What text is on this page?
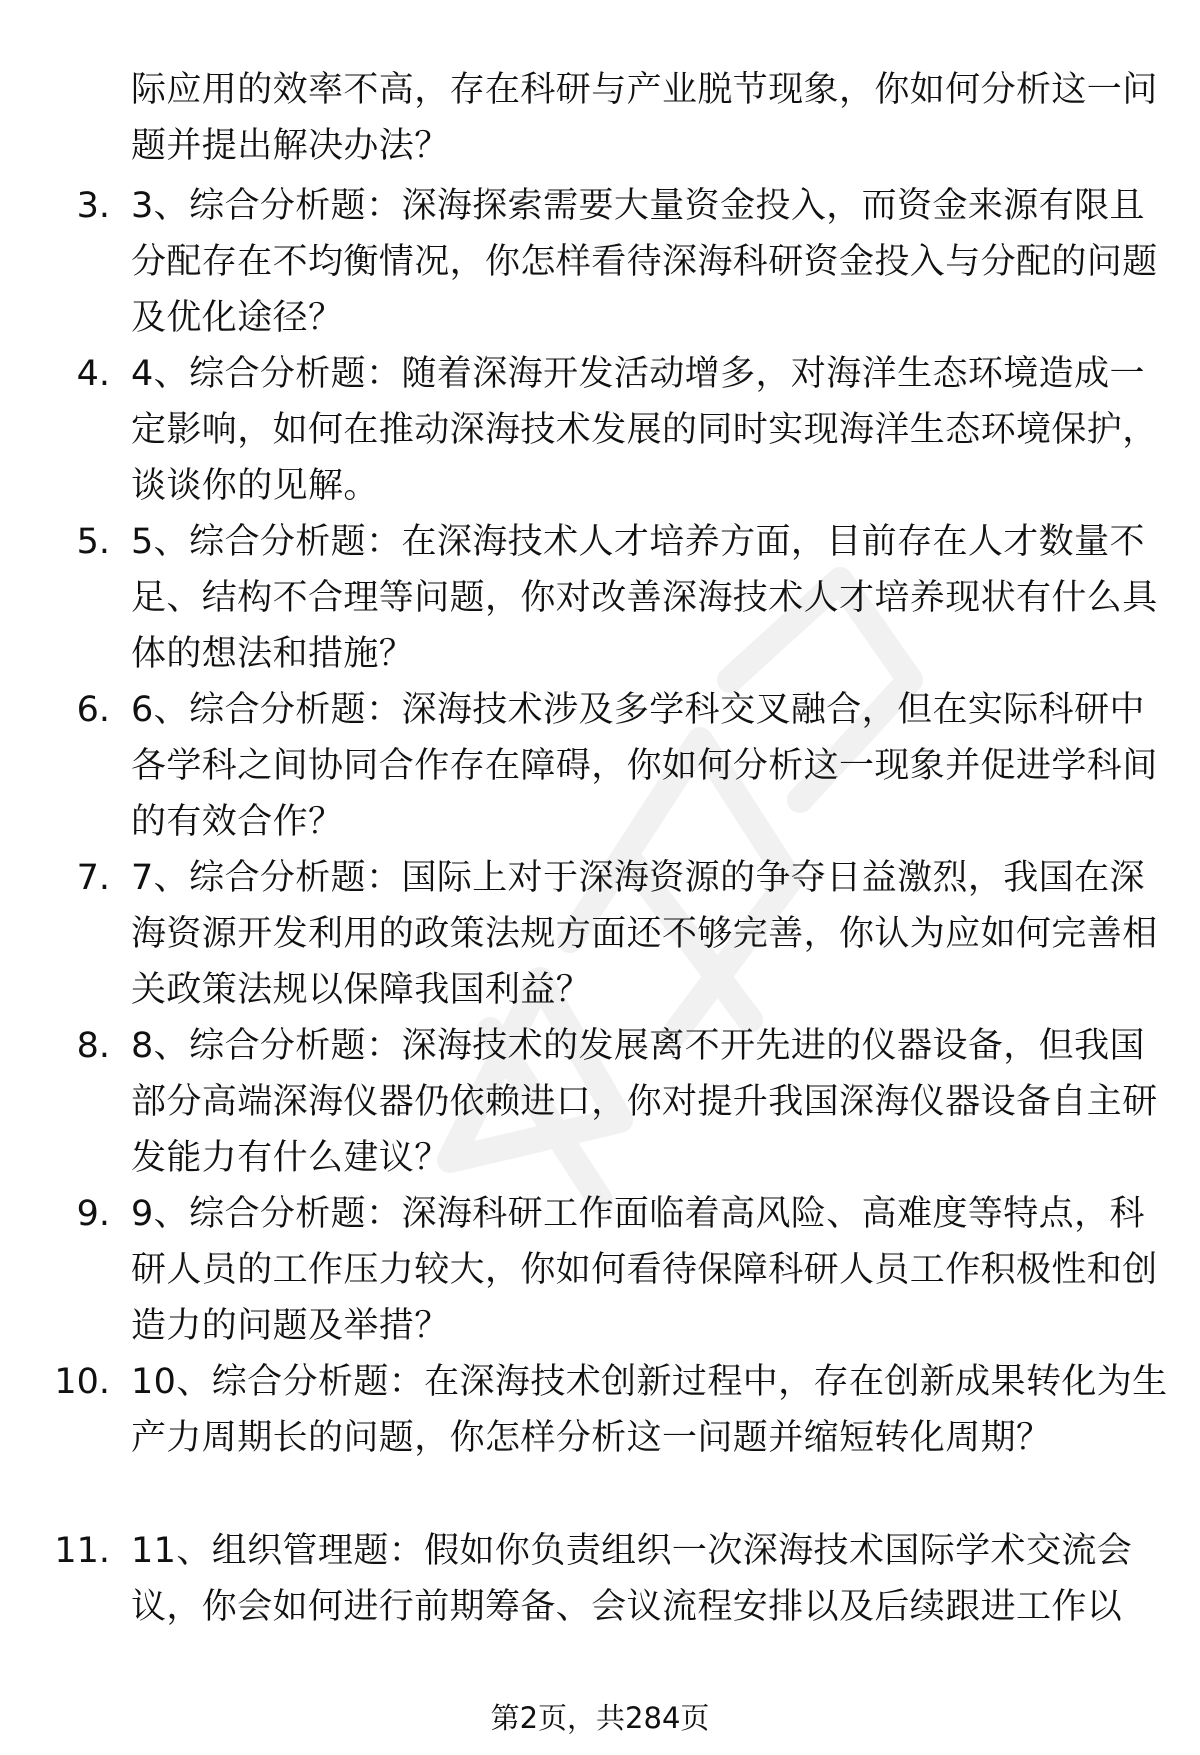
际应用的效率不高，存在科研与产业脱节现象，你如何分析这一问题并提出解决办法？
3. 3、综合分析题：深海探索需要大量资金投入，而资金来源有限且分配存在不均衡情况，你怎样看待深海科研资金投入与分配的问题及优化途径？
4. 4、综合分析题：随着深海开发活动增多，对海洋生态环境造成一定影响，如何在推动深海技术发展的同时实现海洋生态环境保护，谈谈你的见解。
5. 5、综合分析题：在深海技术人才培养方面，目前存在人才数量不足、结构不合理等问题，你对改善深海技术人才培养现状有什么具体的想法和措施？
6. 6、综合分析题：深海技术涉及多学科交叉融合，但在实际科研中各学科之间协同合作存在障碍，你如何分析这一现象并促进学科间的有效合作？
7. 7、综合分析题：国际上对于深海资源的争夺日益激烈，我国在深海资源开发利用的政策法规方面还不够完善，你认为应如何完善相关政策法规以保障我国利益？
8. 8、综合分析题：深海技术的发展离不开先进的仪器设备，但我国部分高端深海仪器仍依赖进口，你对提升我国深海仪器设备自主研发能力有什么建议？
9. 9、综合分析题：深海科研工作面临着高风险、高难度等特点，科研人员的工作压力较大，你如何看待保障科研人员工作积极性和创造力的问题及举措？
10. 10、综合分析题：在深海技术创新过程中，存在创新成果转化为生产力周期长的问题，你怎样分析这一问题并缩短转化周期？
11. 11、组织管理题：假如你负责组织一次深海技术国际学术交流会议，你会如何进行前期筹备、会议流程安排以及后续跟进工作以
第2页，共284页
